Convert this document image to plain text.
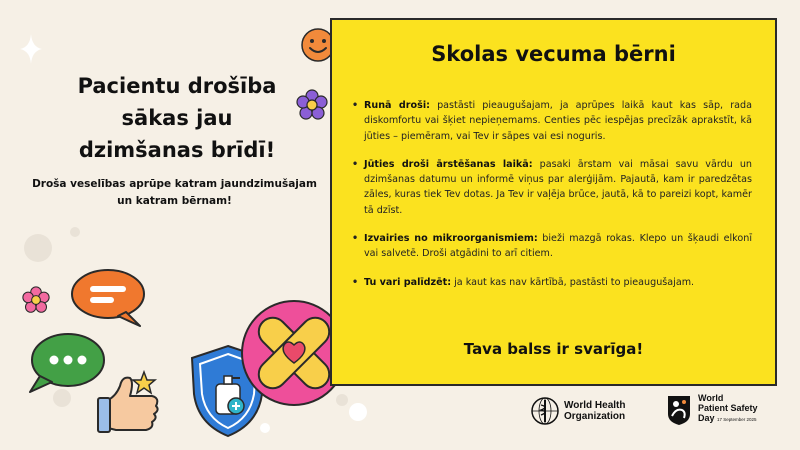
Pacientu drošība
sākas jau
dzimšanas brīdī!
Droša veselības aprūpe katram jaundzimušajam
un katram bērnam!
Skolas vecuma bērni
• Runā droši: pastāsti pieaugušajam, ja aprūpes laikā kaut kas sāp, rada diskomfortu vai šķiet nepieņemams. Centies pēc iespējas precīzāk aprakstīt, kā jūties – piemēram, vai Tev ir sāpes vai esi noguris.
• Jūties droši ārstēšanas laikā: pasaki ārstam vai māsai savu vārdu un dzimšanas datumu un informē viņus par alerģijām. Pajautā, kam ir paredzētas zāles, kuras tiek Tev dotas. Ja Tev ir vaļēja brūce, jautā, kā to pareizi kopt, kamēr tā dzīst.
• Izvairies no mikroorganismiem: bieži mazgā rokas. Klepo un šķaudi elkonī vai salvetē. Droši atgādini to arī citiem.
• Tu vari palīdzēt: ja kaut kas nav kārtībā, pastāsti to pieaugušajam.
Tava balss ir svarīga!
World Health
Organization
World
Patient Safety
Day 17 September 2025
